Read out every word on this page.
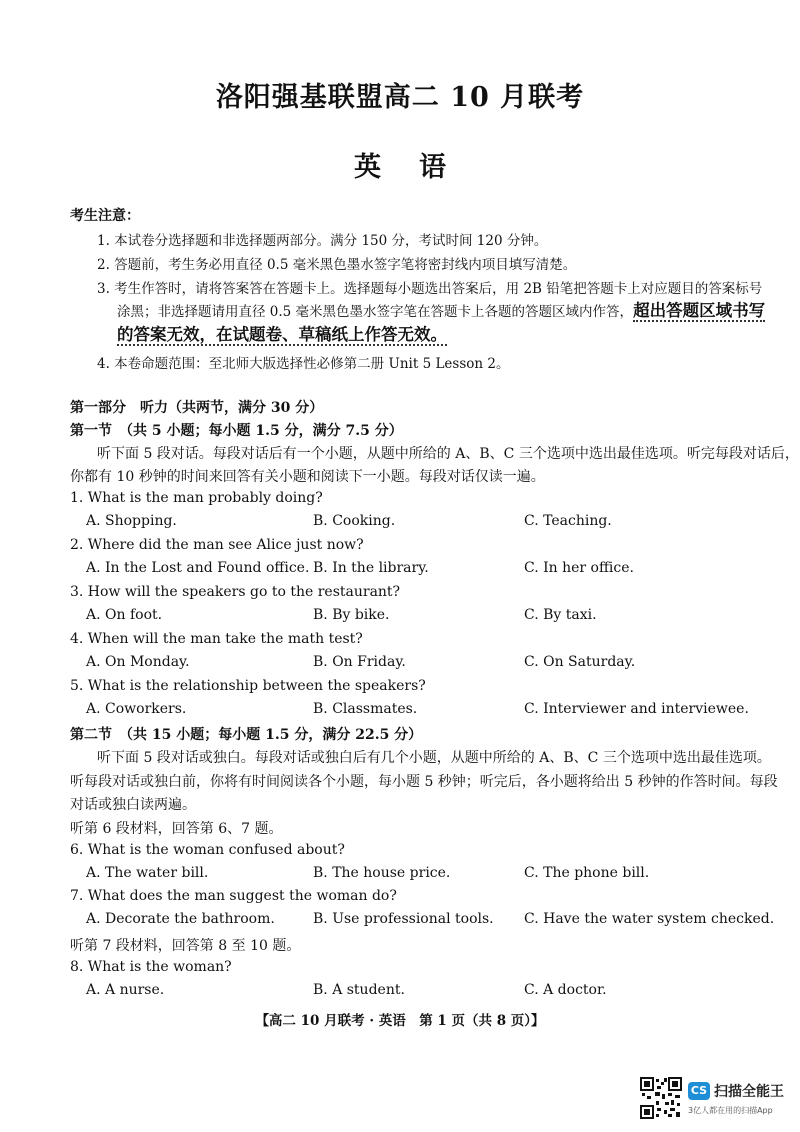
洛阳强基联盟高二 10 月联考
英语
考生注意：
1. 本试卷分选择题和非选择题两部分。满分 150 分，考试时间 120 分钟。
2. 答题前，考生务必用直径 0.5 毫米黑色墨水签字笔将密封线内项目填写清楚。
3. 考生作答时，请将答案答在答题卡上。选择题每小题选出答案后，用 2B 铅笔把答题卡上对应题目的答案标号
涂黑；非选择题请用直径 0.5 毫米黑色墨水签字笔在答题卡上各题的答题区域内作答，超出答题区域书写
的答案无效，在试题卷、草稿纸上作答无效。
4. 本卷命题范围：至北师大版选择性必修第二册 Unit 5 Lesson 2。
第一部分　听力（共两节，满分 30 分）
第一节　（共 5 小题；每小题 1.5 分，满分 7.5 分）
听下面 5 段对话。每段对话后有一个小题，从题中所给的 A、B、C 三个选项中选出最佳选项。听完每段对话后，
你都有 10 秒钟的时间来回答有关小题和阅读下一小题。每段对话仅读一遍。
1. What is the man probably doing?
A. Shopping.	B. Cooking.	C. Teaching.
2. Where did the man see Alice just now?
A. In the Lost and Found office. B. In the library.	C. In her office.
3. How will the speakers go to the restaurant?
A. On foot.	B. By bike.	C. By taxi.
4. When will the man take the math test?
A. On Monday.	B. On Friday.	C. On Saturday.
5. What is the relationship between the speakers?
A. Coworkers.	B. Classmates.	C. Interviewer and interviewee.
第二节　（共 15 小题；每小题 1.5 分，满分 22.5 分）
听下面 5 段对话或独白。每段对话或独白后有几个小题，从题中所给的 A、B、C 三个选项中选出最佳选项。
听每段对话或独白前，你将有时间阅读各个小题，每小题 5 秒钟；听完后，各小题将给出 5 秒钟的作答时间。每段
对话或独白读两遍。
听第 6 段材料，回答第 6、7 题。
6. What is the woman confused about?
A. The water bill.	B. The house price.	C. The phone bill.
7. What does the man suggest the woman do?
A. Decorate the bathroom.	B. Use professional tools. C. Have the water system checked.
听第 7 段材料，回答第 8 至 10 题。
8. What is the woman?
A. A nurse.	B. A student.	C. A doctor.
【高二 10 月联考 · 英语　第 1 页（共 8 页）】
CS 扫描全能王
3亿人都在用的扫描App
